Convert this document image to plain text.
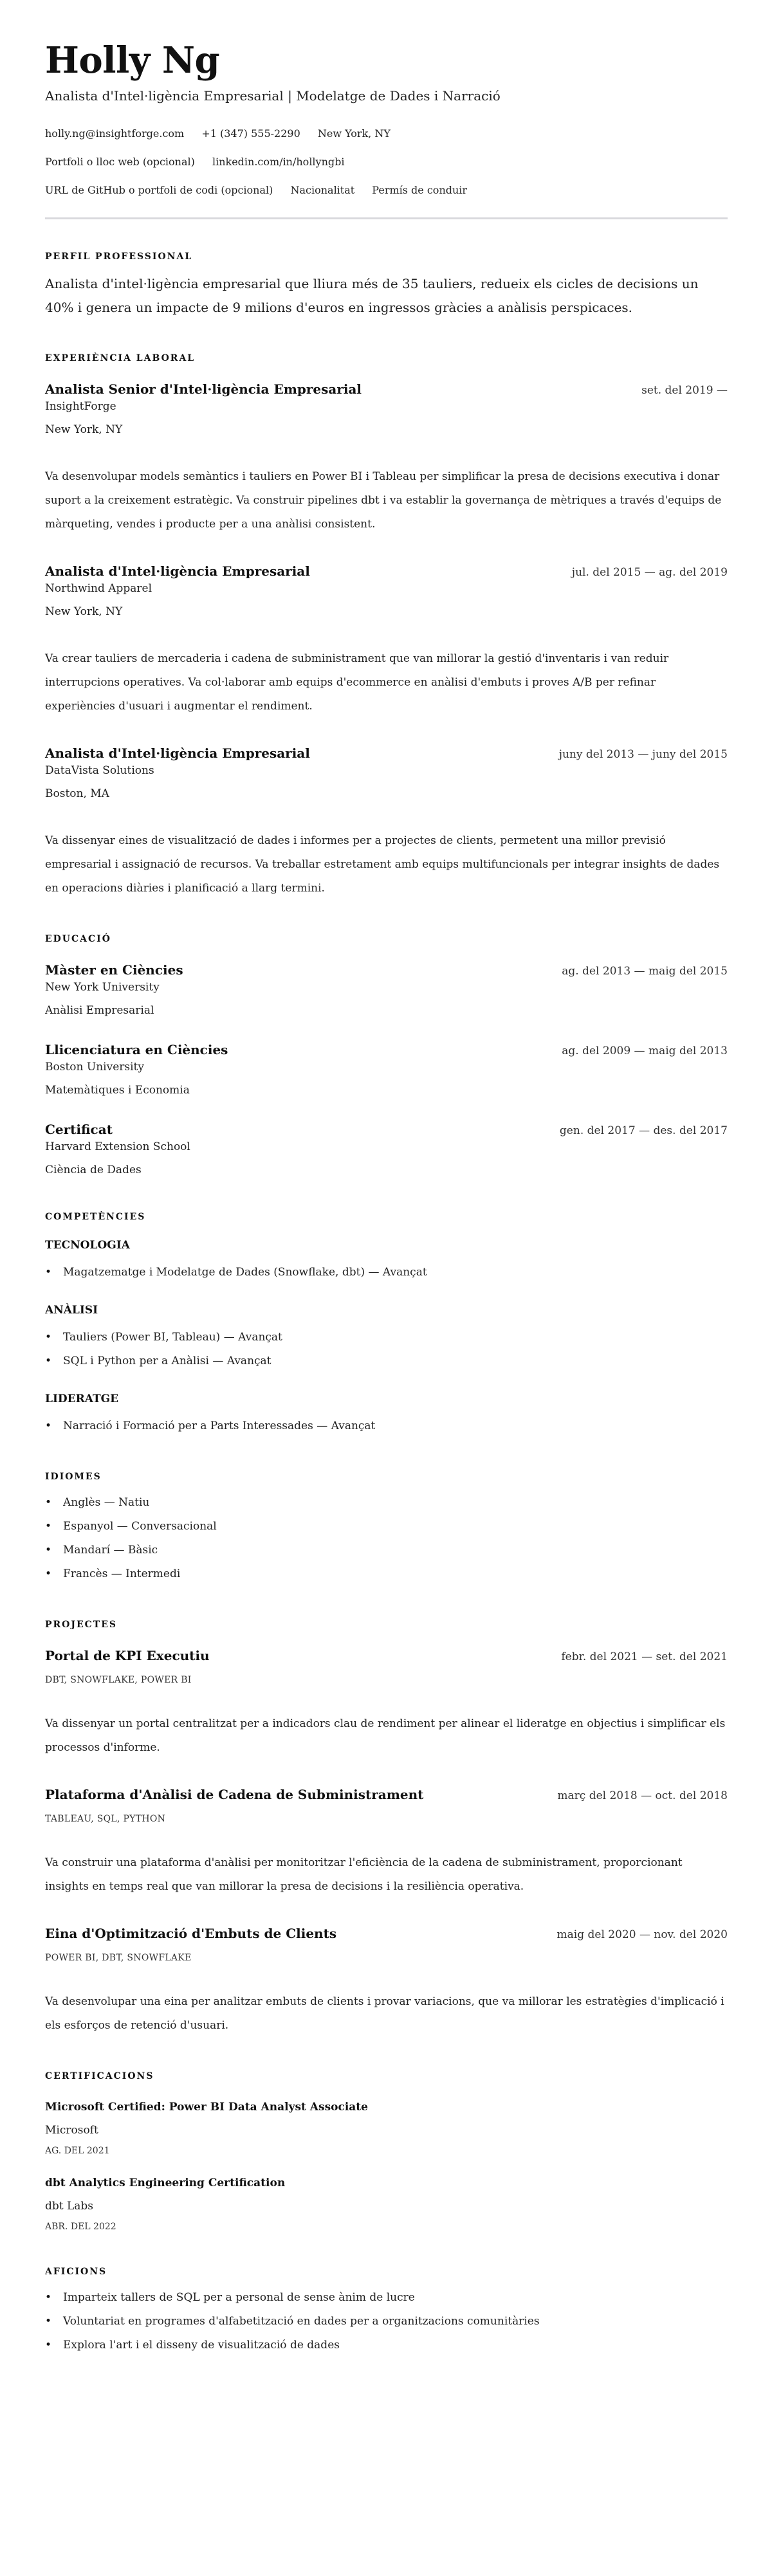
Holly Ng
Analista d'Intel·ligència Empresarial | Modelatge de Dades i Narració
holly.ng@insightforge.com +1 (347) 555-2290 New York, NY
Portfoli o lloc web (opcional) linkedin.com/in/hollyngbi
URL de GitHub o portfoli de codi (opcional) Nacionalitat Permís de conduir
PERFIL PROFESSIONAL

Analista d'intel·ligència empresarial que lliura més de 35 tauliers, redueix els cicles de decisions un 40% i genera un impacte de 9 milions d'euros en ingressos gràcies a anàlisis perspicaces.

EXPERIÈNCIA LABORAL
Analista Senior d'Intel·ligència Empresarial	set. del 2019 —
InsightForge
New York, NY

Va desenvolupar models semàntics i tauliers en Power BI i Tableau per simplificar la presa de decisions executiva i donar suport a la creixement estratègic. Va construir pipelines dbt i va establir la governança de mètriques a través d'equips de màrqueting, vendes i producte per a una anàlisi consistent.

Analista d'Intel·ligència Empresarial	jul. del 2015 — ag. del 2019
Northwind Apparel
New York, NY

Va crear tauliers de mercaderia i cadena de subministrament que van millorar la gestió d'inventaris i van reduir interrupcions operatives. Va col·laborar amb equips d'ecommerce en anàlisi d'embuts i proves A/B per refinar experiències d'usuari i augmentar el rendiment.

Analista d'Intel·ligència Empresarial	juny del 2013 — juny del 2015
DataVista Solutions
Boston, MA

Va dissenyar eines de visualització de dades i informes per a projectes de clients, permetent una millor previsió empresarial i assignació de recursos. Va treballar estretament amb equips multifuncionals per integrar insights de dades en operacions diàries i planificació a llarg termini.

EDUCACIÓ
Màster en Ciències	ag. del 2013 — maig del 2015
New York University
Anàlisi Empresarial
Llicenciatura en Ciències	ag. del 2009 — maig del 2013
Boston University
Matemàtiques i Economia
Certificat	gen. del 2017 — des. del 2017
Harvard Extension School
Ciència de Dades
COMPETÈNCIES
TECNOLOGIA
• Magatzematge i Modelatge de Dades (Snowflake, dbt) — Avançat
ANÀLISI
• Tauliers (Power BI, Tableau) — Avançat
• SQL i Python per a Anàlisi — Avançat
LIDERATGE
• Narració i Formació per a Parts Interessades — Avançat
IDIOMES
• Anglès — Natiu
• Espanyol — Conversacional
• Mandarí — Bàsic
• Francès — Intermedi
PROJECTES
Portal de KPI Executiu	febr. del 2021 — set. del 2021
DBT, SNOWFLAKE, POWER BI

Va dissenyar un portal centralitzat per a indicadors clau de rendiment per alinear el lideratge en objectius i simplificar els processos d'informe.

Plataforma d'Anàlisi de Cadena de Subministrament	març del 2018 — oct. del 2018
TABLEAU, SQL, PYTHON

Va construir una plataforma d'anàlisi per monitoritzar l'eficiència de la cadena de subministrament, proporcionant insights en temps real que van millorar la presa de decisions i la resiliència operativa.

Eina d'Optimització d'Embuts de Clients	maig del 2020 — nov. del 2020
POWER BI, DBT, SNOWFLAKE

Va desenvolupar una eina per analitzar embuts de clients i provar variacions, que va millorar les estratègies d'implicació i els esforços de retenció d'usuari.

CERTIFICACIONS
Microsoft Certified: Power BI Data Analyst Associate
Microsoft
AG. DEL 2021
dbt Analytics Engineering Certification
dbt Labs
ABR. DEL 2022
AFICIONS
• Imparteix tallers de SQL per a personal de sense ànim de lucre
• Voluntariat en programes d'alfabetització en dades per a organitzacions comunitàries
• Explora l'art i el disseny de visualització de dades
